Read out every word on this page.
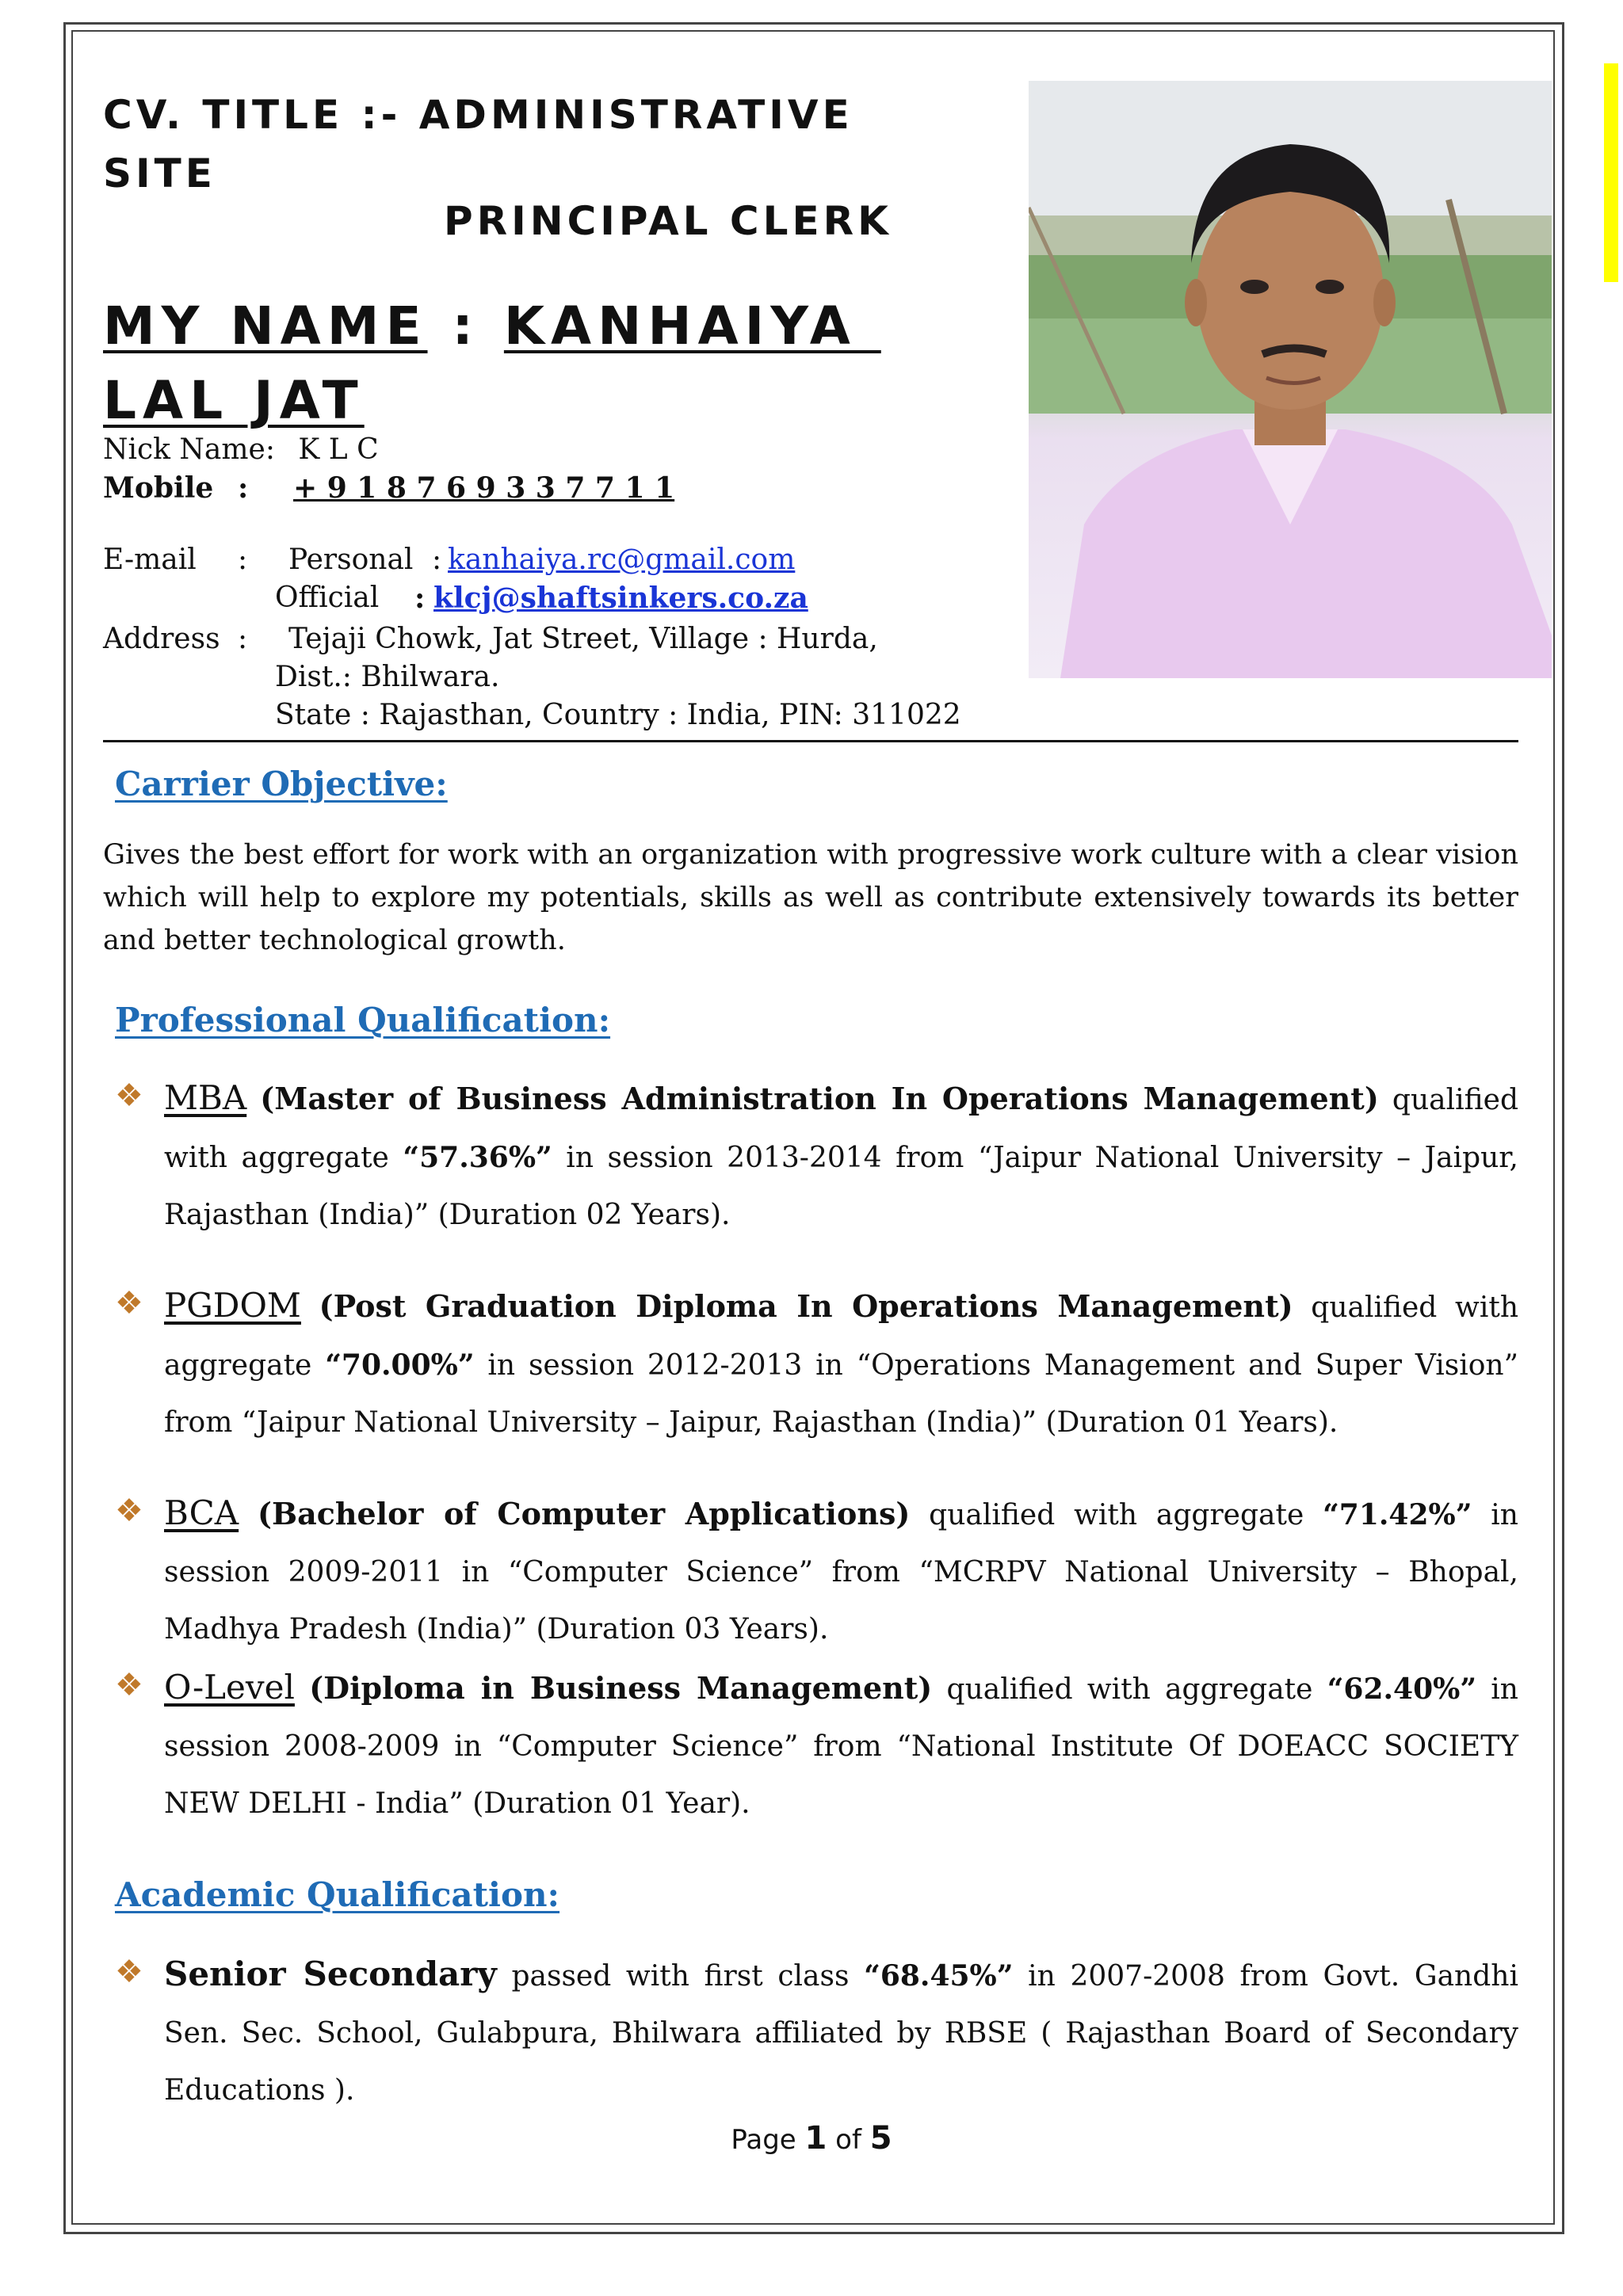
CV. TITLE :- ADMINISTRATIVE SITE
PRINCIPAL CLERK
MY NAME : KANHAIYA
LAL JAT
Nick Name: K L C
Mobile : + 9 1 8 7 6 9 3 3 7 7 1 1
E-mail : Personal : kanhaiya.rc@gmail.com
Official : klcj@shaftsinkers.co.za
Address : Tejaji Chowk, Jat Street, Village : Hurda,
Dist.: Bhilwara.
State : Rajasthan, Country : India, PIN: 311022
Carrier Objective:
Gives the best effort for work with an organization with progressive work culture with a clear vision which will help to explore my potentials, skills as well as contribute extensively towards its better and better technological growth.
Professional Qualification:
❖ MBA (Master of Business Administration In Operations Management) qualified with aggregate “57.36%” in session 2013-2014 from “Jaipur National University – Jaipur, Rajasthan (India)” (Duration 02 Years).
❖ PGDOM (Post Graduation Diploma In Operations Management) qualified with aggregate “70.00%” in session 2012-2013 in “Operations Management and Super Vision” from “Jaipur National University – Jaipur, Rajasthan (India)” (Duration 01 Years).
❖ BCA (Bachelor of Computer Applications) qualified with aggregate “71.42%” in session 2009-2011 in “Computer Science” from “MCRPV National University – Bhopal, Madhya Pradesh (India)” (Duration 03 Years).
❖ O-Level (Diploma in Business Management) qualified with aggregate “62.40%” in session 2008-2009 in “Computer Science” from “National Institute Of DOEACC SOCIETY NEW DELHI - India” (Duration 01 Year).
Academic Qualification:
❖ Senior Secondary passed with first class “68.45%” in 2007-2008 from Govt. Gandhi Sen. Sec. School, Gulabpura, Bhilwara affiliated by RBSE ( Rajasthan Board of Secondary Educations ).
Page 1 of 5
